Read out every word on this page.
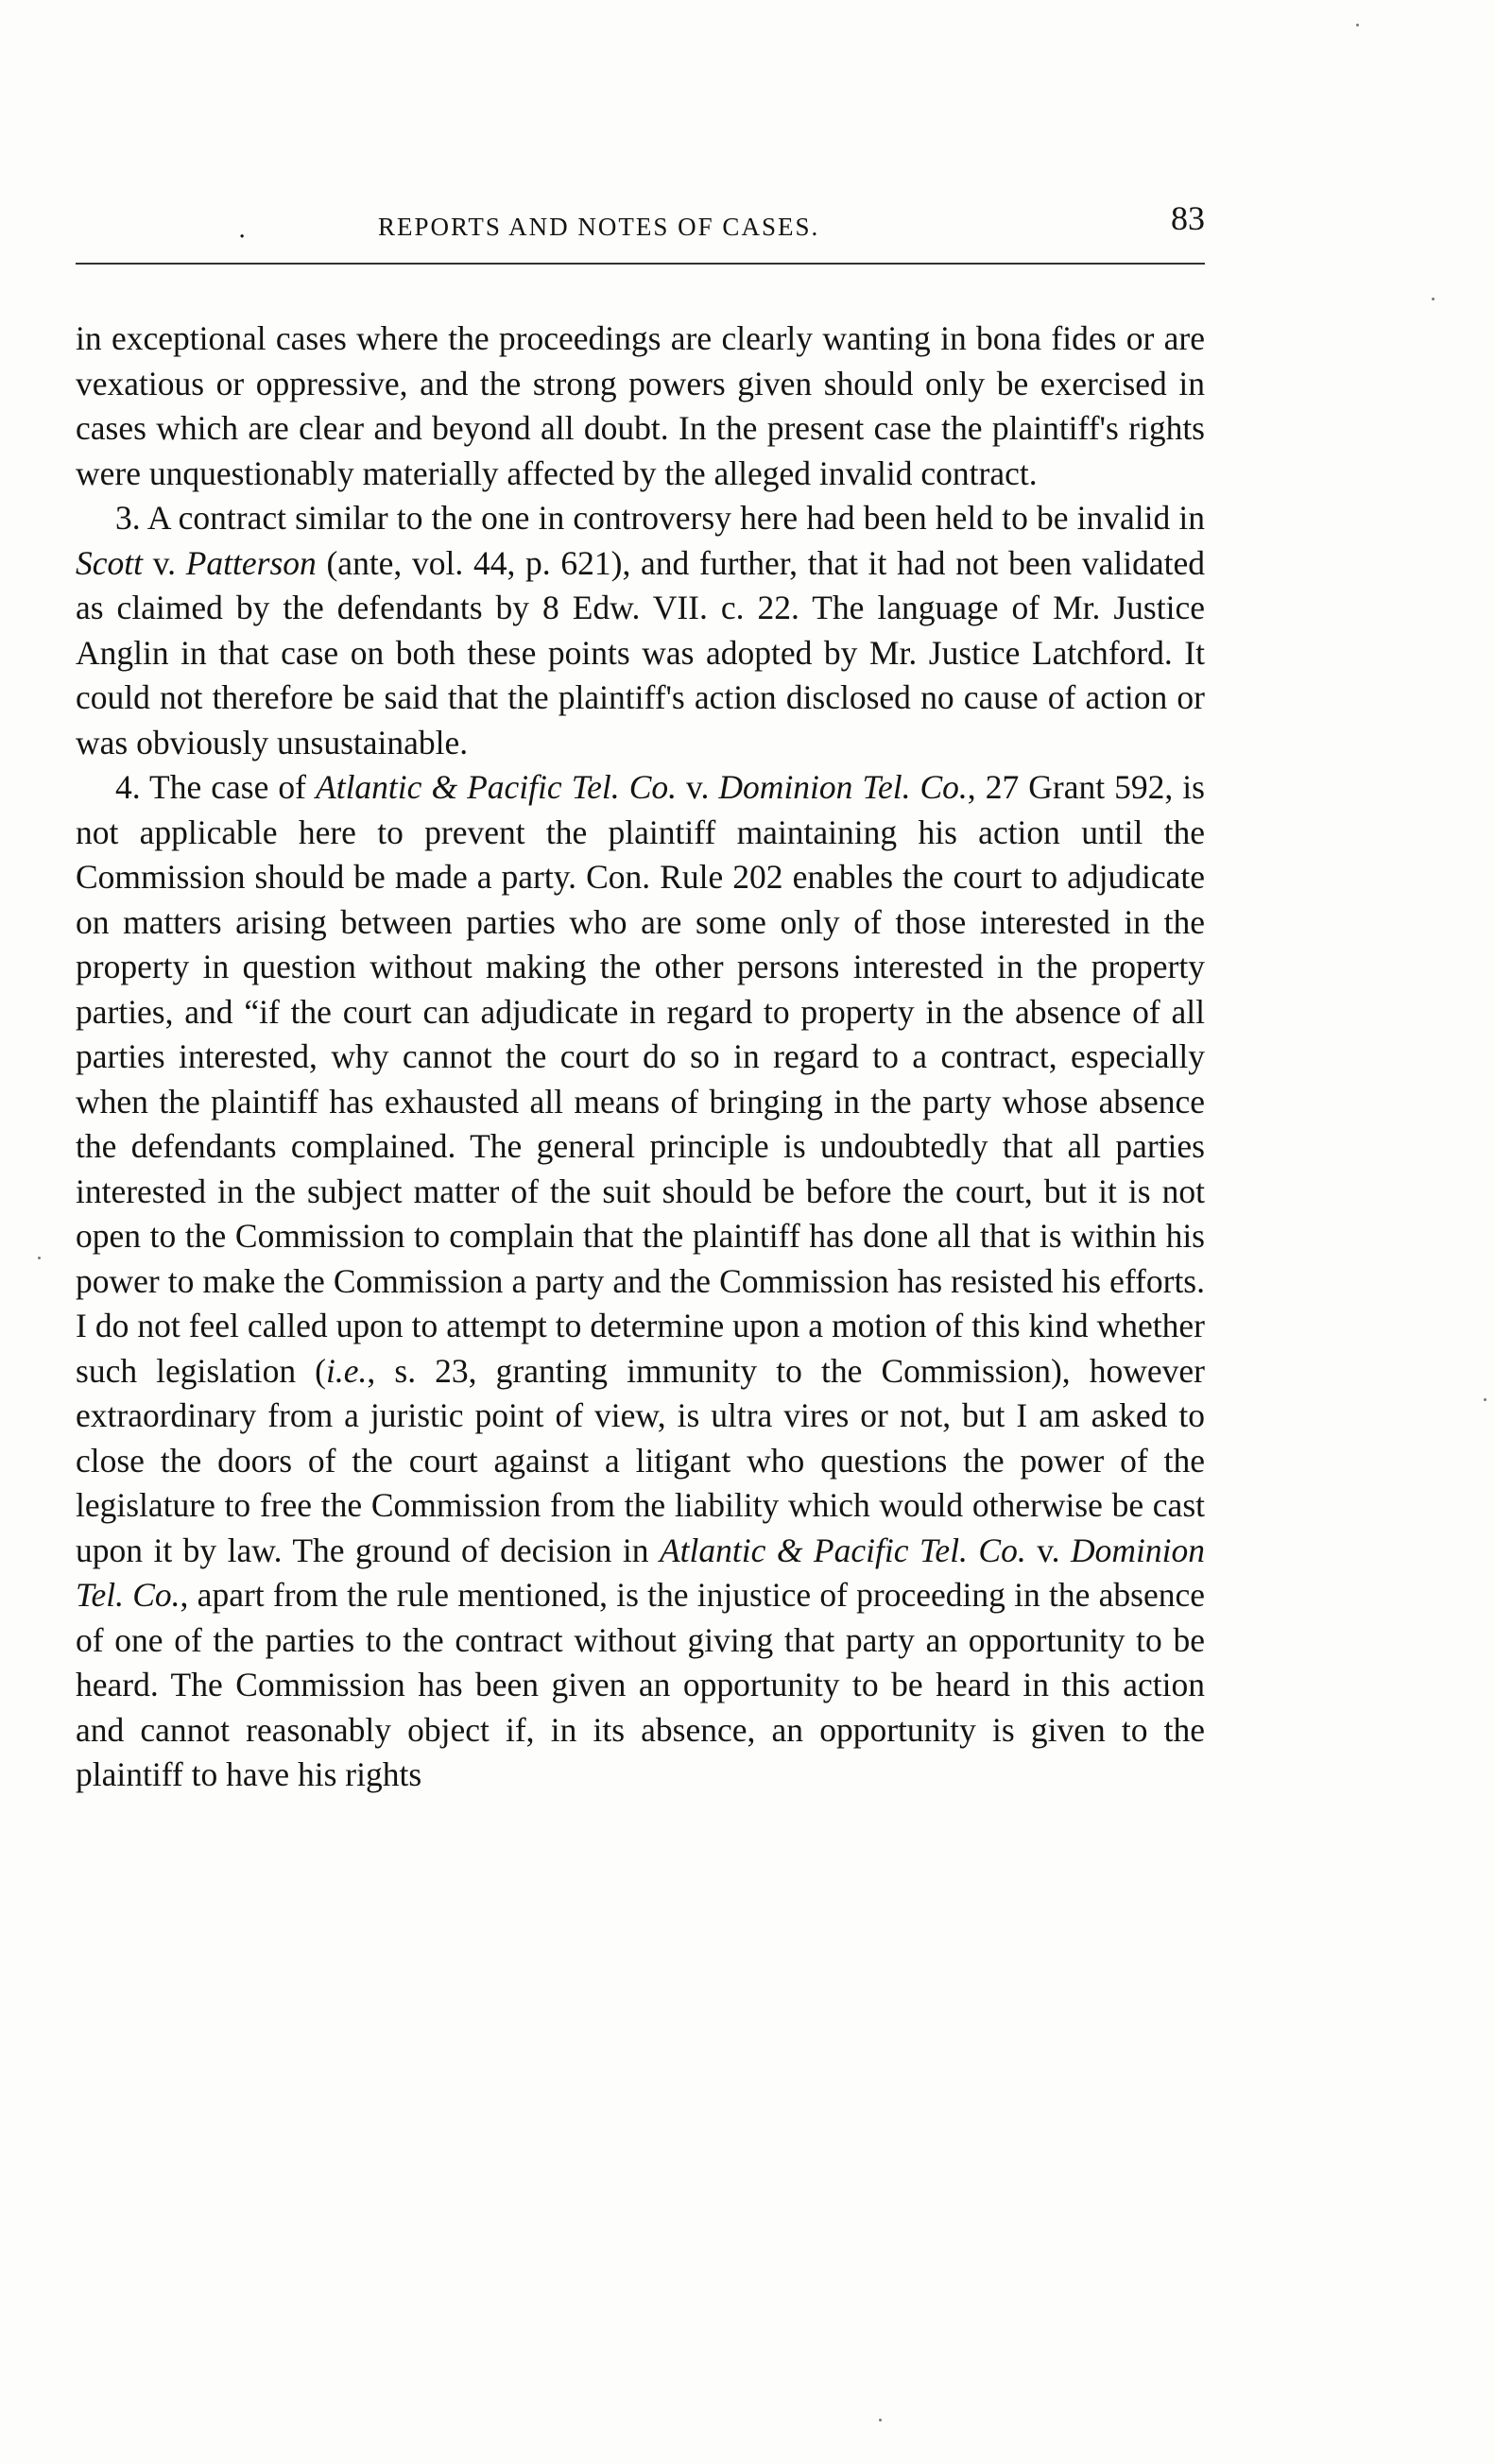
.	REPORTS AND NOTES OF CASES.	83

in exceptional cases where the proceedings are clearly wanting in bona fides or are vexatious or oppressive, and the strong powers given should only be exercised in cases which are clear and beyond all doubt. In the present case the plaintiff's rights were unquestionably materially affected by the alleged invalid contract.

3. A contract similar to the one in controversy here had been held to be invalid in Scott v. Patterson (ante, vol. 44, p. 621), and further, that it had not been validated as claimed by the defendants by 8 Edw. VII. c. 22. The language of Mr. Justice Anglin in that case on both these points was adopted by Mr. Justice Latchford. It could not therefore be said that the plaintiff's action disclosed no cause of action or was obviously unsustainable.

4. The case of Atlantic & Pacific Tel. Co. v. Dominion Tel. Co., 27 Grant 592, is not applicable here to prevent the plaintiff maintaining his action until the Commission should be made a party. Con. Rule 202 enables the court to adjudicate on matters arising between parties who are some only of those interested in the property in question without making the other persons interested in the property parties, and “if the court can adjudicate in regard to property in the absence of all parties interested, why cannot the court do so in regard to a contract, especially when the plaintiff has exhausted all means of bringing in the party whose absence the defendants complained. The general principle is undoubtedly that all parties interested in the subject matter of the suit should be before the court, but it is not open to the Commission to complain that the plaintiff has done all that is within his power to make the Commission a party and the Commission has resisted his efforts. I do not feel called upon to attempt to determine upon a motion of this kind whether such legislation (i.e., s. 23, granting immunity to the Commission), however extraordinary from a juristic point of view, is ultra vires or not, but I am asked to close the doors of the court against a litigant who questions the power of the legislature to free the Commission from the liability which would otherwise be cast upon it by law. The ground of decision in Atlantic & Pacific Tel. Co. v. Dominion Tel. Co., apart from the rule mentioned, is the injustice of proceeding in the absence of one of the parties to the contract without giving that party an opportunity to be heard. The Commission has been given an opportunity to be heard in this action and cannot reasonably object if, in its absence, an opportunity is given to the plaintiff to have his rights
